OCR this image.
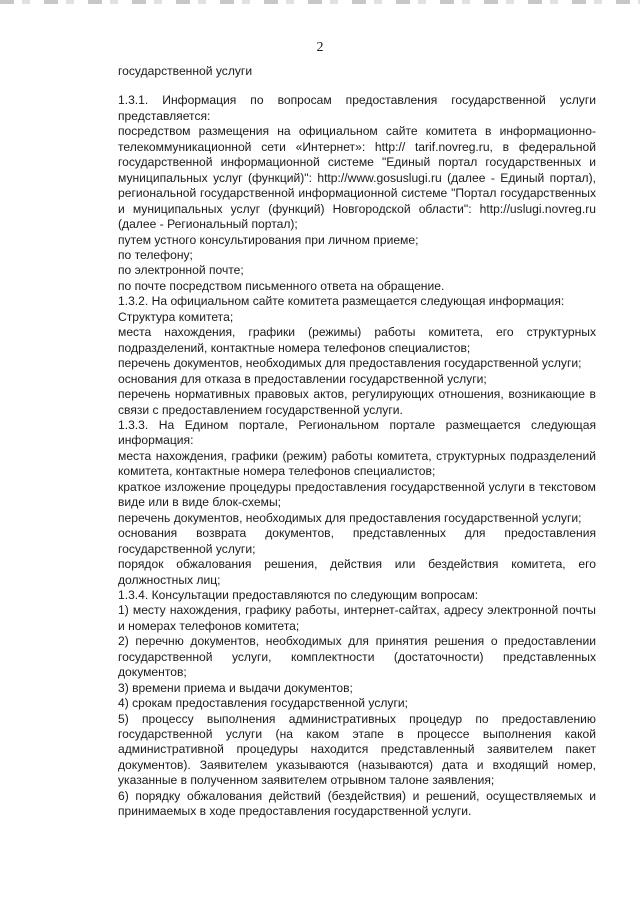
2

государственной услуги

1.3.1. Информация по вопросам предоставления государственной услуги представляется:

посредством размещения на официальном сайте комитета в информационно-телекоммуникационной сети «Интернет»: http:// tarif.novreg.ru, в федеральной государственной информационной системе "Единый портал государственных и муниципальных услуг (функций)": http://www.gosuslugi.ru (далее - Единый портал), региональной государственной информационной системе "Портал государственных и муниципальных услуг (функций) Новгородской области": http://uslugi.novreg.ru (далее - Региональный портал);

путем устного консультирования при личном приеме;

по телефону;

по электронной почте;

по почте посредством письменного ответа на обращение.

1.3.2. На официальном сайте комитета размещается следующая информация:

Структура комитета;

места нахождения, графики (режимы) работы комитета, его структурных подразделений, контактные номера телефонов специалистов;

перечень документов, необходимых для предоставления государственной услуги;

основания для отказа в предоставлении государственной услуги;

перечень нормативных правовых актов, регулирующих отношения, возникающие в связи с предоставлением государственной услуги.

1.3.3. На Едином портале, Региональном портале размещается следующая информация:

места нахождения, графики (режим) работы комитета, структурных подразделений комитета, контактные номера телефонов специалистов;

краткое изложение процедуры предоставления государственной услуги в текстовом виде или в виде блок-схемы;

перечень документов, необходимых для предоставления государственной услуги;

основания возврата документов, представленных для предоставления государственной услуги;

порядок обжалования решения, действия или бездействия комитета, его должностных лиц;

1.3.4. Консультации предоставляются по следующим вопросам:

1) месту нахождения, графику работы, интернет-сайтах, адресу электронной почты и номерах телефонов комитета;

2) перечню документов, необходимых для принятия решения о предоставлении государственной услуги, комплектности (достаточности) представленных документов;

3) времени приема и выдачи документов;

4) срокам предоставления государственной услуги;

5) процессу выполнения административных процедур по предоставлению государственной услуги (на каком этапе в процессе выполнения какой административной процедуры находится представленный заявителем пакет документов). Заявителем указываются (называются) дата и входящий номер, указанные в полученном заявителем отрывном талоне заявления;

6) порядку обжалования действий (бездействия) и решений, осуществляемых и принимаемых в ходе предоставления государственной услуги.
